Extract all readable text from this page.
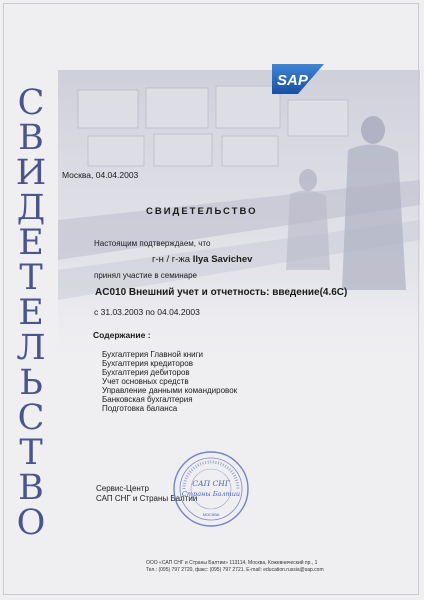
С
В
И
Д
Е
Т
Е
Л
Ь
С
Т
В
О
SAP
Москва, 04.04.2003
СВИДЕТЕЛЬСТВО
Настоящим подтверждаем, что
г-н / г-жа Ilya Savichev
принял участие в семинаре
AC010 Внешний учет и отчетность: введение(4.6C)
с 31.03.2003 по 04.04.2003
Содержание :
Бухгалтерия Главной книги
Бухгалтерия кредиторов
Бухгалтерия дебиторов
Учет основных средств
Управление данными командировок
Банковская бухгалтерия
Подготовка баланса
Сервис-Центр
САП СНГ и Страны Балтии
САП СНГ
Страны Балтии
МОСКВА
ООО «САП СНГ и Страны Балтии» 113114, Москва, Кожевнический пр., 1
Тел.: (095) 797 2720, факс: (095) 797 2721. E-mail: education.russia@sap.com
